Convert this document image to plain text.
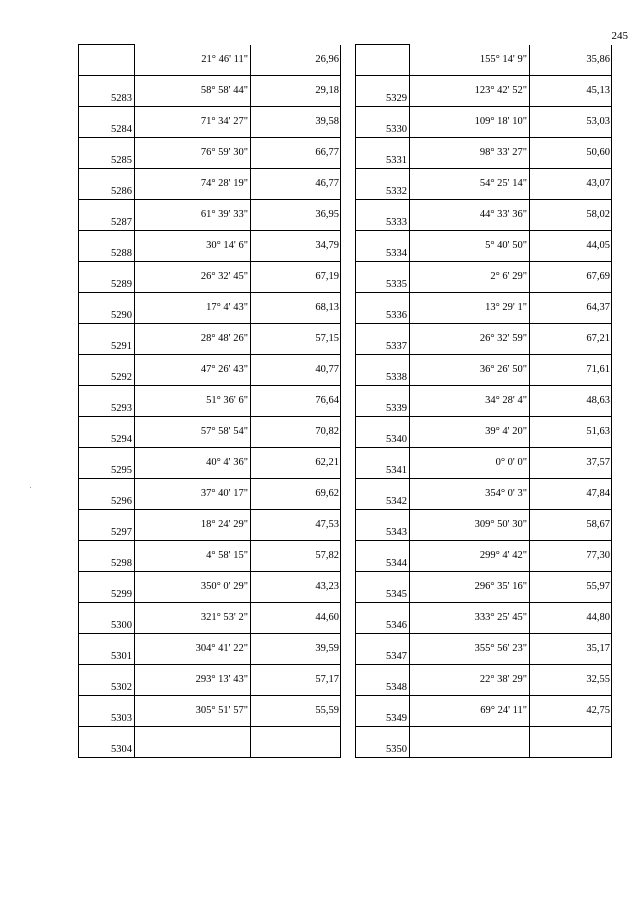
245
	21° 46' 11"	26,96
5283	58° 58' 44"	29,18
5284	71° 34' 27"	39,58
5285	76° 59' 30"	66,77
5286	74° 28' 19"	46,77
5287	61° 39' 33"	36,95
5288	30° 14' 6"	34,79
5289	26° 32' 45"	67,19
5290	17° 4' 43"	68,13
5291	28° 48' 26"	57,15
5292	47° 26' 43"	40,77
5293	51° 36' 6"	76,64
5294	57° 58' 54"	70,82
5295	40° 4' 36"	62,21
5296	37° 40' 17"	69,62
5297	18° 24' 29"	47,53
5298	4° 58' 15"	57,82
5299	350° 0' 29"	43,23
5300	321° 53' 2"	44,60
5301	304° 41' 22"	39,59
5302	293° 13' 43"	57,17
5303	305° 51' 57"	55,59
5304		
	155° 14' 9"	35,86
5329	123° 42' 52"	45,13
5330	109° 18' 10"	53,03
5331	98° 33' 27"	50,60
5332	54° 25' 14"	43,07
5333	44° 33' 36"	58,02
5334	5° 40' 50"	44,05
5335	2° 6' 29"	67,69
5336	13° 29' 1"	64,37
5337	26° 32' 59"	67,21
5338	36° 26' 50"	71,61
5339	34° 28' 4"	48,63
5340	39° 4' 20"	51,63
5341	0° 0' 0"	37,57
5342	354° 0' 3"	47,84
5343	309° 50' 30"	58,67
5344	299° 4' 42"	77,30
5345	296° 35' 16"	55,97
5346	333° 25' 45"	44,80
5347	355° 56' 23"	35,17
5348	22° 38' 29"	32,55
5349	69° 24' 11"	42,75
5350		
